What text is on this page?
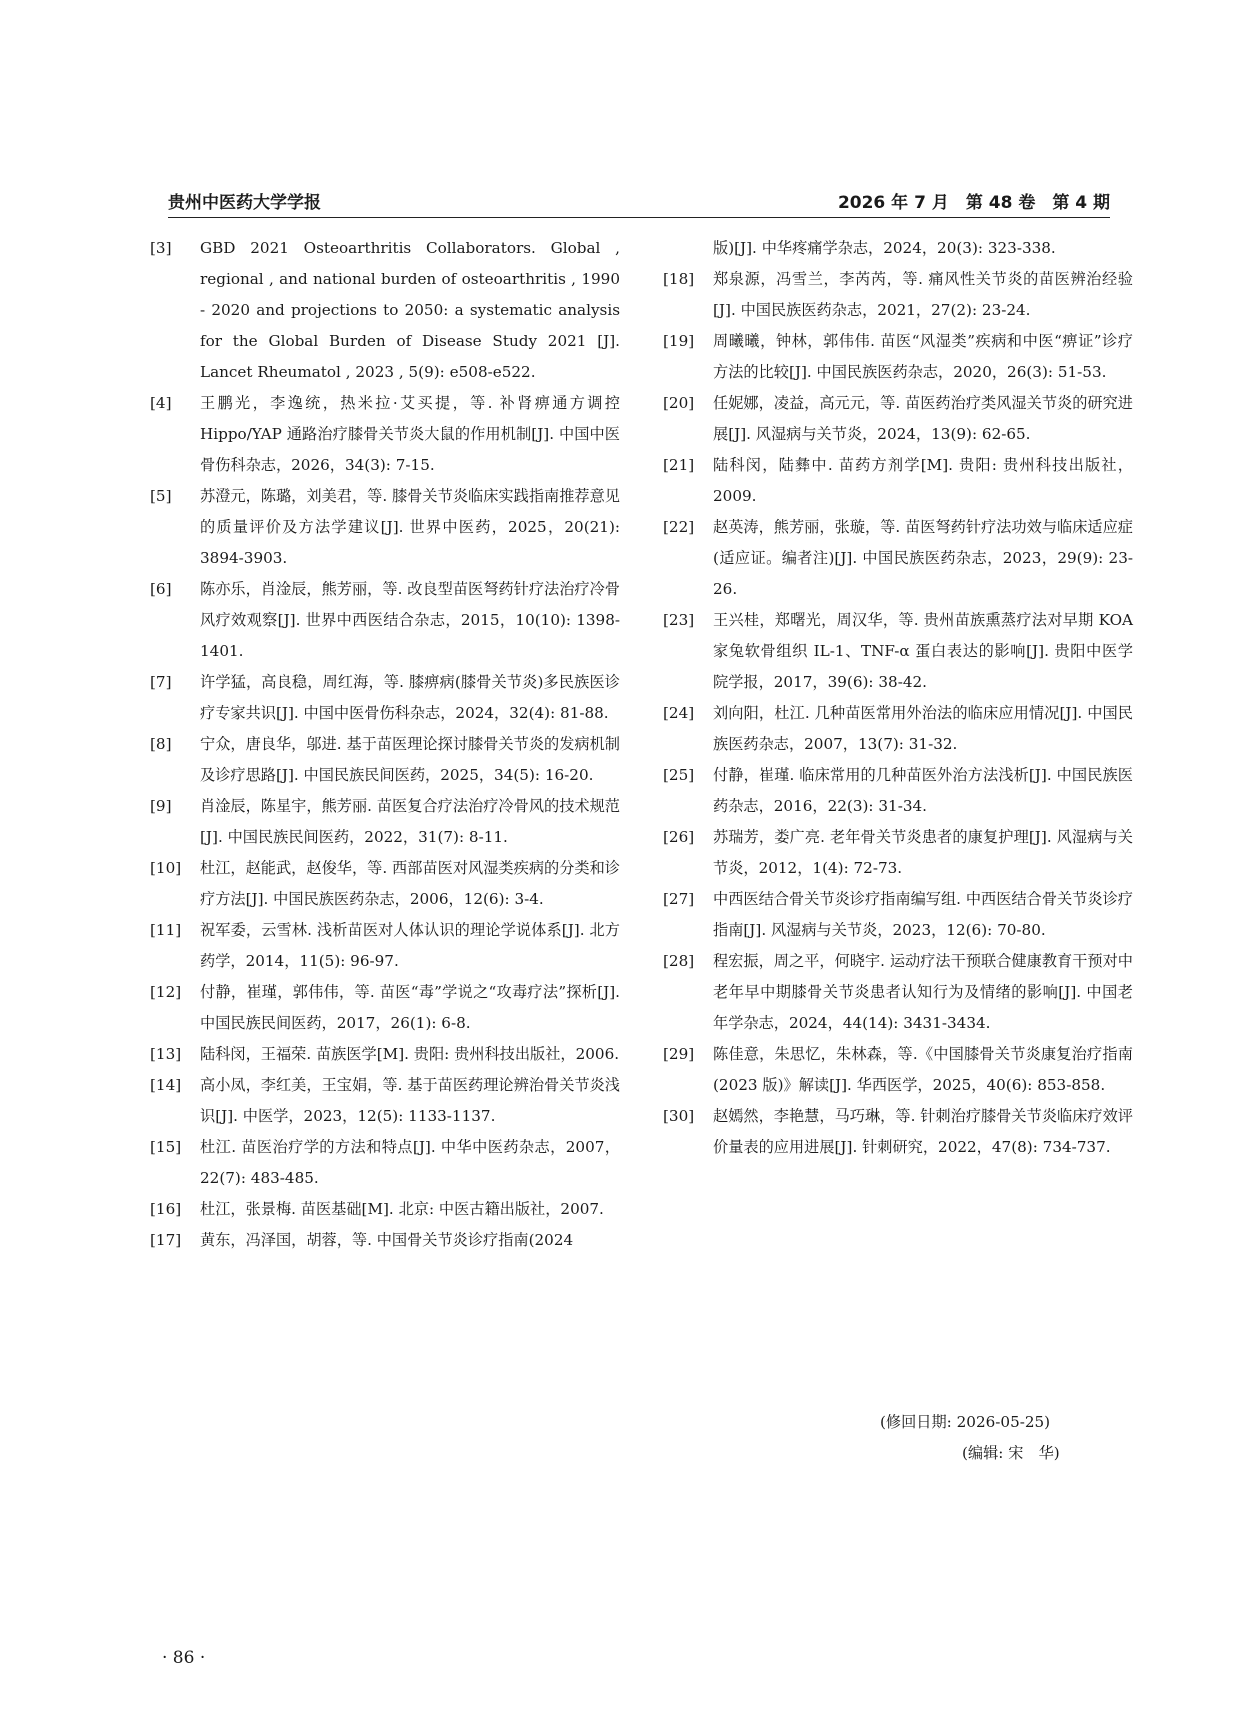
贵州中医药大学学报	2026 年 7 月　第 48 卷　第 4 期
[3]	GBD 2021 Osteoarthritis Collaborators. Global , regional , and national burden of osteoarthritis , 1990 - 2020 and projections to 2050: a systematic analysis for the Global Burden of Disease Study 2021 [J]. Lancet Rheumatol , 2023 , 5(9): e508-e522.
[4]	王鹏光，李逸统，热米拉·艾买提，等. 补肾痹通方调控 Hippo/YAP 通路治疗膝骨关节炎大鼠的作用机制[J]. 中国中医骨伤科杂志，2026，34(3): 7-15.
[5]	苏澄元，陈璐，刘美君，等. 膝骨关节炎临床实践指南推荐意见的质量评价及方法学建议[J]. 世界中医药，2025，20(21): 3894-3903.
[6]	陈亦乐，肖淦辰，熊芳丽，等. 改良型苗医弩药针疗法治疗冷骨风疗效观察[J]. 世界中西医结合杂志，2015，10(10): 1398-1401.
[7]	许学猛，高良稳，周红海，等. 膝痹病(膝骨关节炎)多民族医诊疗专家共识[J]. 中国中医骨伤科杂志，2024，32(4): 81-88.
[8]	宁众，唐良华，邬进. 基于苗医理论探讨膝骨关节炎的发病机制及诊疗思路[J]. 中国民族民间医药，2025，34(5): 16-20.
[9]	肖淦辰，陈星宇，熊芳丽. 苗医复合疗法治疗冷骨风的技术规范[J]. 中国民族民间医药，2022，31(7): 8-11.
[10]	杜江，赵能武，赵俊华，等. 西部苗医对风湿类疾病的分类和诊疗方法[J]. 中国民族医药杂志，2006，12(6): 3-4.
[11]	祝军委，云雪林. 浅析苗医对人体认识的理论学说体系[J]. 北方药学，2014，11(5): 96-97.
[12]	付静，崔瑾，郭伟伟，等. 苗医“毒”学说之“攻毒疗法”探析[J]. 中国民族民间医药，2017，26(1): 6-8.
[13]	陆科闵，王福荣. 苗族医学[M]. 贵阳: 贵州科技出版社，2006.
[14]	高小凤，李红美，王宝娟，等. 基于苗医药理论辨治骨关节炎浅识[J]. 中医学，2023，12(5): 1133-1137.
[15]	杜江. 苗医治疗学的方法和特点[J]. 中华中医药杂志，2007，22(7): 483-485.
[16]	杜江，张景梅. 苗医基础[M]. 北京: 中医古籍出版社，2007.
[17]	黄东，冯泽国，胡蓉，等. 中国骨关节炎诊疗指南(2024
版)[J]. 中华疼痛学杂志，2024，20(3): 323-338.
[18]	郑泉源，冯雪兰，李芮芮，等. 痛风性关节炎的苗医辨治经验[J]. 中国民族医药杂志，2021，27(2): 23-24.
[19]	周曦曦，钟林，郭伟伟. 苗医“风湿类”疾病和中医“痹证”诊疗方法的比较[J]. 中国民族医药杂志，2020，26(3): 51-53.
[20]	任妮娜，凌益，高元元，等. 苗医药治疗类风湿关节炎的研究进展[J]. 风湿病与关节炎，2024，13(9): 62-65.
[21]	陆科闵，陆彝中. 苗药方剂学[M]. 贵阳: 贵州科技出版社，2009.
[22]	赵英涛，熊芳丽，张璇，等. 苗医弩药针疗法功效与临床适应症(适应证。编者注)[J]. 中国民族医药杂志，2023，29(9): 23-26.
[23]	王兴桂，郑曙光，周汉华，等. 贵州苗族熏蒸疗法对早期 KOA 家兔软骨组织 IL-1、TNF-α 蛋白表达的影响[J]. 贵阳中医学院学报，2017，39(6): 38-42.
[24]	刘向阳，杜江. 几种苗医常用外治法的临床应用情况[J]. 中国民族医药杂志，2007，13(7): 31-32.
[25]	付静，崔瑾. 临床常用的几种苗医外治方法浅析[J]. 中国民族医药杂志，2016，22(3): 31-34.
[26]	苏瑞芳，娄广亮. 老年骨关节炎患者的康复护理[J]. 风湿病与关节炎，2012，1(4): 72-73.
[27]	中西医结合骨关节炎诊疗指南编写组. 中西医结合骨关节炎诊疗指南[J]. 风湿病与关节炎，2023，12(6): 70-80.
[28]	程宏振，周之平，何晓宇. 运动疗法干预联合健康教育干预对中老年早中期膝骨关节炎患者认知行为及情绪的影响[J]. 中国老年学杂志，2024，44(14): 3431-3434.
[29]	陈佳意，朱思忆，朱林森，等.《中国膝骨关节炎康复治疗指南(2023 版)》解读[J]. 华西医学，2025，40(6): 853-858.
[30]	赵嫣然，李艳慧，马巧琳，等. 针刺治疗膝骨关节炎临床疗效评价量表的应用进展[J]. 针刺研究，2022，47(8): 734-737.
(修回日期: 2026-05-25)
(编辑: 宋　华)
· 86 ·
